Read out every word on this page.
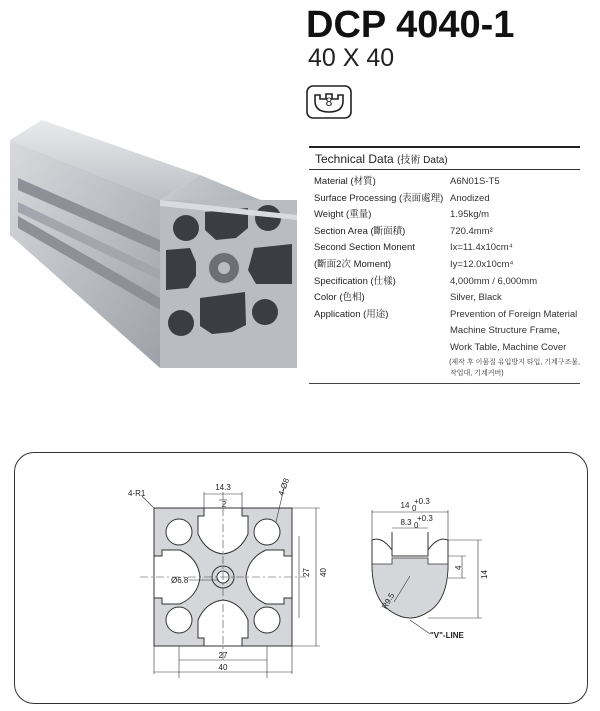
DCP 4040-1
40 X 40
8
Technical Data (技術 Data)
Material (材質)	A6N01S-T5
Surface Processing (表面處理) Anodized
Weight (重量)	1.95kg/m
Section Area (斷面積)	720.4mm²
Second Section Monent	Ix=11.4x10cm⁴
(斷面2次 Moment)	Iy=12.0x10cm⁴
Specification (仕樣)	4,000mm / 6,000mm
Color (色相)	Silver, Black
Application (用途)	Prevention of Foreign Material
Machine Structure Frame,
Work Table, Machine Cover
(제작 후 이물질 유입방지 타입, 기계구조물,
작업대, 기계커버)
14.3
2
4-R1	4-Ø8
Ø6.8
27 40
27
40
14 +0.3
0
8.3 +0.3
0
4
14
R9.5
"V"-LINE
